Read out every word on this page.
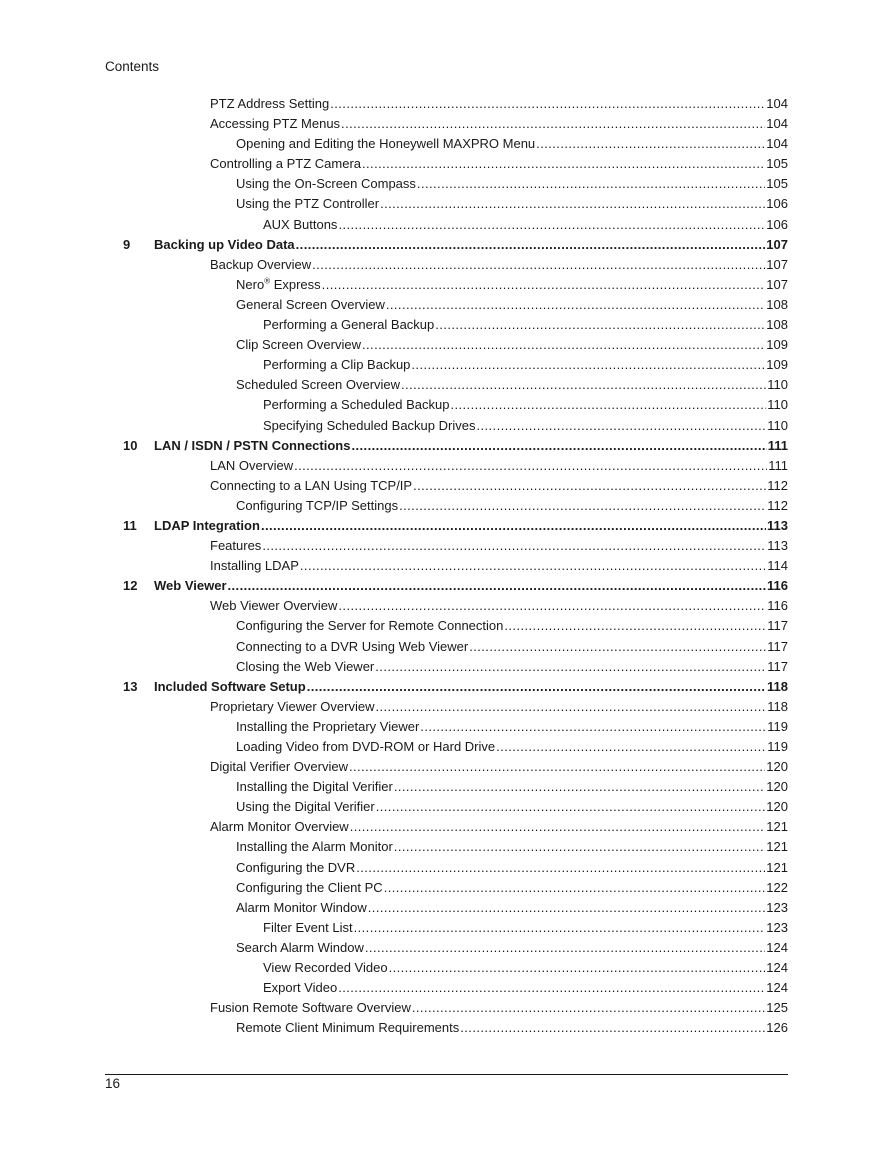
Contents
PTZ Address Setting . . .	104
Accessing PTZ Menus . . .	104
Opening and Editing the Honeywell MAXPRO Menu . . .	104
Controlling a PTZ Camera . . .	105
Using the On-Screen Compass . . .	105
Using the PTZ Controller . . .	106
AUX Buttons . . .	106
9 Backing up Video Data . . .	107
Backup Overview . . .	107
Nero® Express . . .	107
General Screen Overview . . .	108
Performing a General Backup . . .	108
Clip Screen Overview . . .	109
Performing a Clip Backup . . .	109
Scheduled Screen Overview . . .	110
Performing a Scheduled Backup . . .	110
Specifying Scheduled Backup Drives . . .	110
10 LAN / ISDN / PSTN Connections . . .	111
LAN Overview . . .	111
Connecting to a LAN Using TCP/IP . . .	112
Configuring TCP/IP Settings . . .	112
11 LDAP Integration . . .	113
Features . . .	113
Installing LDAP . . .	114
12 Web Viewer . . .	116
Web Viewer Overview . . .	116
Configuring the Server for Remote Connection . . .	117
Connecting to a DVR Using Web Viewer . . .	117
Closing the Web Viewer . . .	117
13 Included Software Setup . . .	118
Proprietary Viewer Overview . . .	118
Installing the Proprietary Viewer . . .	119
Loading Video from DVD-ROM or Hard Drive . . .	119
Digital Verifier Overview . . .	120
Installing the Digital Verifier . . .	120
Using the Digital Verifier . . .	120
Alarm Monitor Overview . . .	121
Installing the Alarm Monitor . . .	121
Configuring the DVR . . .	121
Configuring the Client PC . . .	122
Alarm Monitor Window . . .	123
Filter Event List . . .	123
Search Alarm Window . . .	124
View Recorded Video . . .	124
Export Video . . .	124
Fusion Remote Software Overview . . .	125
Remote Client Minimum Requirements . . .	126
16
